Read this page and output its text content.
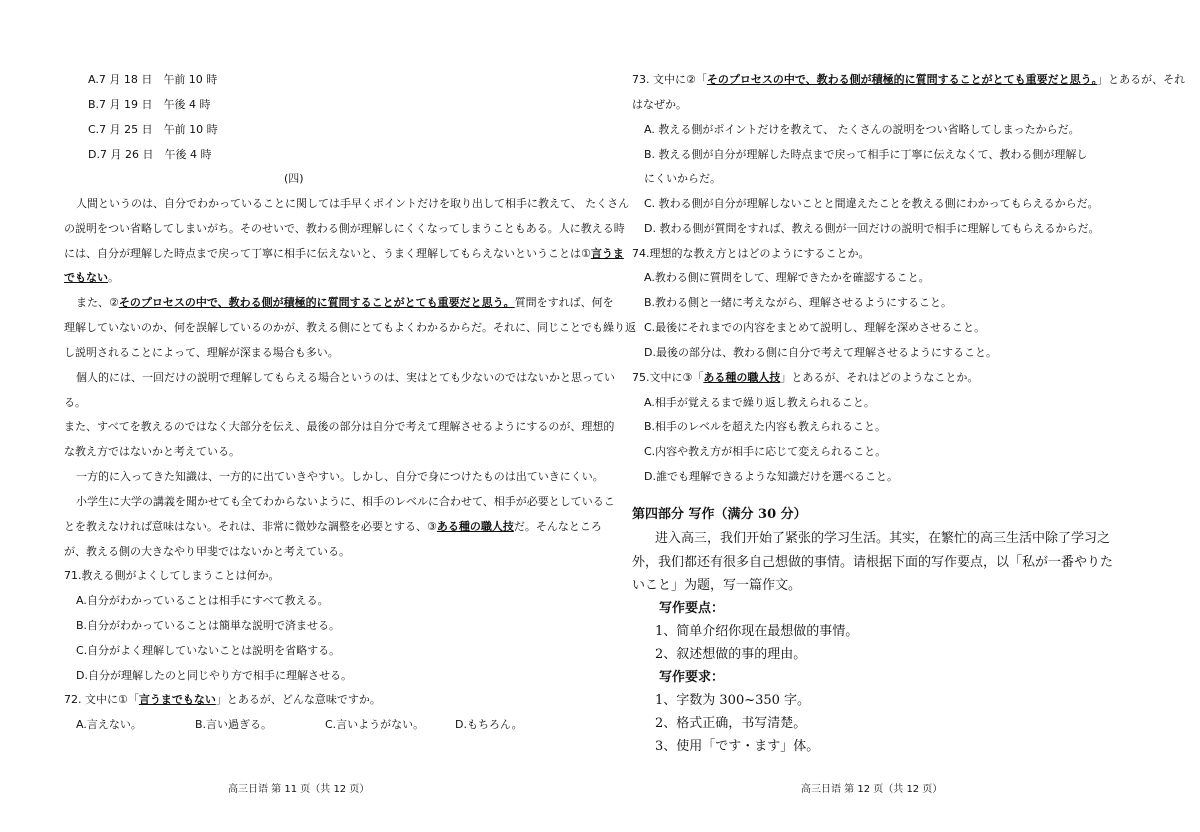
A.7 月 18 日　午前 10 時
B.7 月 19 日　午後 4 時
C.7 月 25 日　午前 10 時
D.7 月 26 日　午後 4 時
(四)
人間というのは、自分でわかっていることに関しては手早くポイントだけを取り出して相手に教えて、 たくさん
の説明をつい省略してしまいがち。そのせいで、教わる側が理解しにくくなってしまうこともある。人に教える時
には、自分が理解した時点まで戻って丁寧に相手に伝えないと、うまく理解してもらえないということは①言うま
でもない。
また、②そのプロセスの中で、教わる側が積極的に質問することがとても重要だと思う。質問をすれば、何を
理解していないのか、何を誤解しているのかが、教える側にとてもよくわかるからだ。それに、同じことでも繰り返
し説明されることによって、理解が深まる場合も多い。
個人的には、一回だけの説明で理解してもらえる場合というのは、実はとても少ないのではないかと思ってい
る。
また、すべてを教えるのではなく大部分を伝え、最後の部分は自分で考えて理解させるようにするのが、理想的
な教え方ではないかと考えている。
一方的に入ってきた知識は、一方的に出ていきやすい。しかし、自分で身につけたものは出ていきにくい。
小学生に大学の講義を聞かせても全てわからないように、相手のレベルに合わせて、相手が必要としているこ
とを教えなければ意味はない。それは、非常に微妙な調整を必要とする、③ある種の職人技だ。そんなところ
が、教える側の大きなやり甲斐ではないかと考えている。
71.教える側がよくしてしまうことは何か。
A.自分がわかっていることは相手にすべて教える。
B.自分がわかっていることは簡単な説明で済ませる。
C.自分がよく理解していないことは説明を省略する。
D.自分が理解したのと同じやり方で相手に理解させる。
72. 文中に①「言うまでもない」とあるが、どんな意味ですか。
A.言えない。	B.言い過ぎる。	C.言いようがない。	D.もちろん。
高三日语 第 11 页（共 12 页）
73. 文中に②「そのプロセスの中で、教わる側が積極的に質問することがとても重要だと思う。」とあるが、それ
はなぜか。
A. 教える側がポイントだけを教えて、 たくさんの説明をつい省略してしまったからだ。
B. 教える側が自分が理解した時点まで戻って相手に丁寧に伝えなくて、教わる側が理解し
にくいからだ。
C. 教わる側が自分が理解しないことと間違えたことを教える側にわかってもらえるからだ。
D. 教わる側が質問をすれば、教える側が一回だけの説明で相手に理解してもらえるからだ。
74.理想的な教え方とはどのようにすることか。
A.教わる側に質問をして、理解できたかを確認すること。
B.教わる側と一緒に考えながら、理解させるようにすること。
C.最後にそれまでの内容をまとめて説明し、理解を深めさせること。
D.最後の部分は、教わる側に自分で考えて理解させるようにすること。
75.文中に③「ある種の職人技」とあるが、それはどのようなことか。
A.相手が覚えるまで繰り返し教えられること。
B.相手のレベルを超えた内容も教えられること。
C.内容や教え方が相手に応じて変えられること。
D.誰でも理解できるような知識だけを選べること。
第四部分 写作（满分 30 分）
进入高三，我们开始了紧张的学习生活。其实，在繁忙的高三生活中除了学习之
外，我们都还有很多自己想做的事情。请根据下面的写作要点，以「私が一番やりた
いこと」为题，写一篇作文。
写作要点：
1、简单介绍你现在最想做的事情。
2、叙述想做的事的理由。
写作要求：
1、字数为 300~350 字。
2、格式正确，书写清楚。
3、使用「です・ます」体。
高三日语 第 12 页（共 12 页）
